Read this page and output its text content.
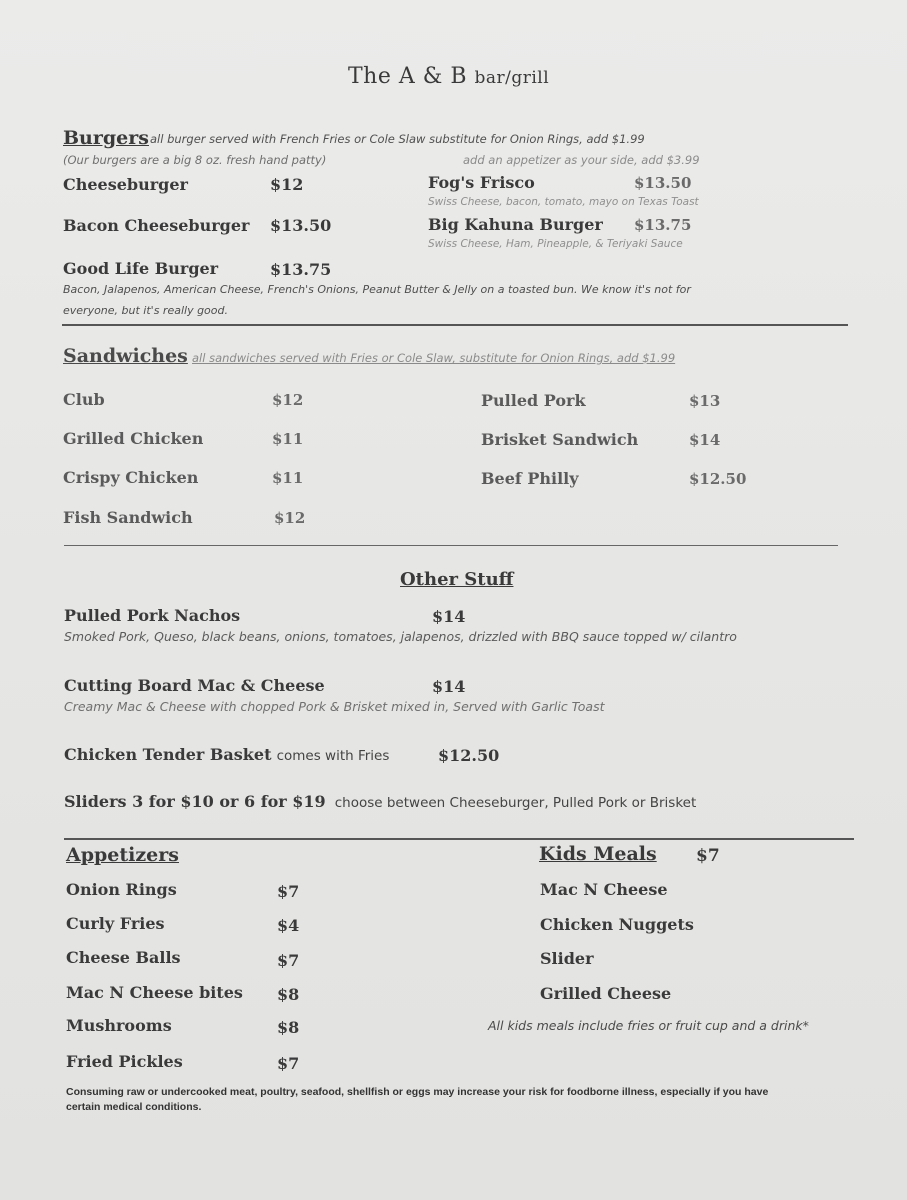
The A & B bar/grill
Burgers all burger served with French Fries or Cole Slaw substitute for Onion Rings, add $1.99
(Our burgers are a big 8 oz. fresh hand patty)	add an appetizer as your side, add $3.99
Cheeseburger	$12
Bacon Cheeseburger $13.50
Good Life Burger	$13.75
Fog's Frisco	$13.50
Swiss Cheese, bacon, tomato, mayo on Texas Toast
Big Kahuna Burger $13.75
Swiss Cheese, Ham, Pineapple, & Teriyaki Sauce
Bacon, Jalapenos, American Cheese, French's Onions, Peanut Butter & Jelly on a toasted bun. We know it's not for
everyone, but it's really good.
Sandwiches all sandwiches served with Fries or Cole Slaw, substitute for Onion Rings, add $1.99
Club	$12
Grilled Chicken	$11
Crispy Chicken	$11
Fish Sandwich	$12
Pulled Pork	$13
Brisket Sandwich	$14
Beef Philly	$12.50
Other Stuff
Pulled Pork Nachos	$14
Smoked Pork, Queso, black beans, onions, tomatoes, jalapenos, drizzled with BBQ sauce topped w/ cilantro
Cutting Board Mac & Cheese	$14
Creamy Mac & Cheese with chopped Pork & Brisket mixed in, Served with Garlic Toast
Chicken Tender Basket comes with Fries	$12.50
Sliders 3 for $10 or 6 for $19 choose between Cheeseburger, Pulled Pork or Brisket
Appetizers
Onion Rings	$7
Curly Fries	$4
Cheese Balls	$7
Mac N Cheese bites $8
Mushrooms	$8
Fried Pickles	$7
Kids Meals $7
Mac N Cheese
Chicken Nuggets
Slider
Grilled Cheese
All kids meals include fries or fruit cup and a drink*
Consuming raw or undercooked meat, poultry, seafood, shellfish or eggs may increase your risk for foodborne illness, especially if you have
certain medical conditions.
